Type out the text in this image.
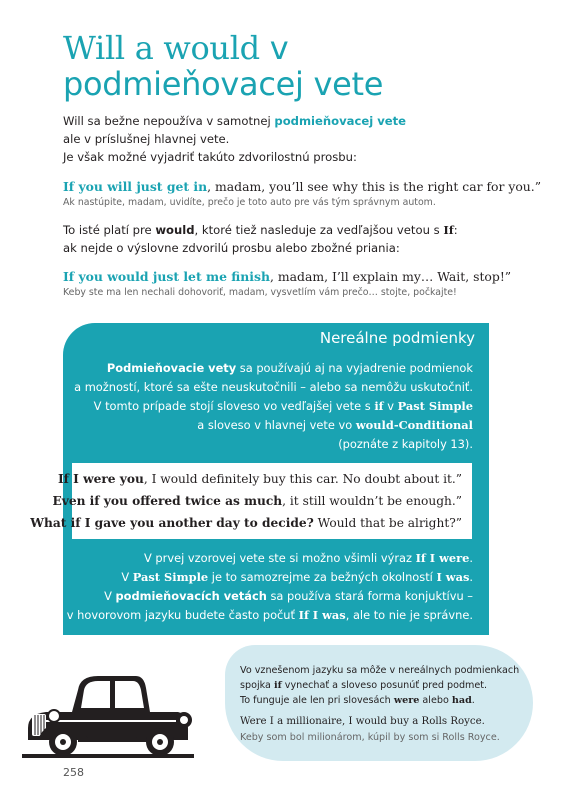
Will a would v
podmieňovacej vete
Will sa bežne nepoužíva v samotnej podmieňovacej vete
ale v príslušnej hlavnej vete.
Je však možné vyjadriť takúto zdvorilostnú prosbu:
If you will just get in, madam, you’ll see why this is the right car for you.”
Ak nastúpite, madam, uvidíte, prečo je toto auto pre vás tým správnym autom.
To isté platí pre would, ktoré tiež nasleduje za vedľajšou vetou s If:
ak nejde o výslovne zdvorilú prosbu alebo zbožné priania:
If you would just let me finish, madam, I’ll explain my… Wait, stop!”
Keby ste ma len nechali dohovoriť, madam, vysvetlím vám prečo… stojte, počkajte!
Nereálne podmienky
Podmieňovacie vety sa používajú aj na vyjadrenie podmienok
a možností, ktoré sa ešte neuskutočnili – alebo sa nemôžu uskutočniť.
V tomto prípade stojí sloveso vo vedľajšej vete s if v Past Simple
a sloveso v hlavnej vete vo would-Conditional
(poznáte z kapitoly 13).
If I were you, I would definitely buy this car. No doubt about it.”
Even if you offered twice as much, it still wouldn’t be enough.”
What if I gave you another day to decide? Would that be alright?”
V prvej vzorovej vete ste si možno všimli výraz If I were.
V Past Simple je to samozrejme za bežných okolností I was.
V podmieňovacích vetách sa používa stará forma konjuktívu –
v hovorovom jazyku budete často počuť If I was, ale to nie je správne.
Vo vznešenom jazyku sa môže v nereálnych podmienkach
spojka if vynechať a sloveso posunúť pred podmet.
To funguje ale len pri slovesách were alebo had.
Were I a millionaire, I would buy a Rolls Royce.
Keby som bol milionárom, kúpil by som si Rolls Royce.
258
